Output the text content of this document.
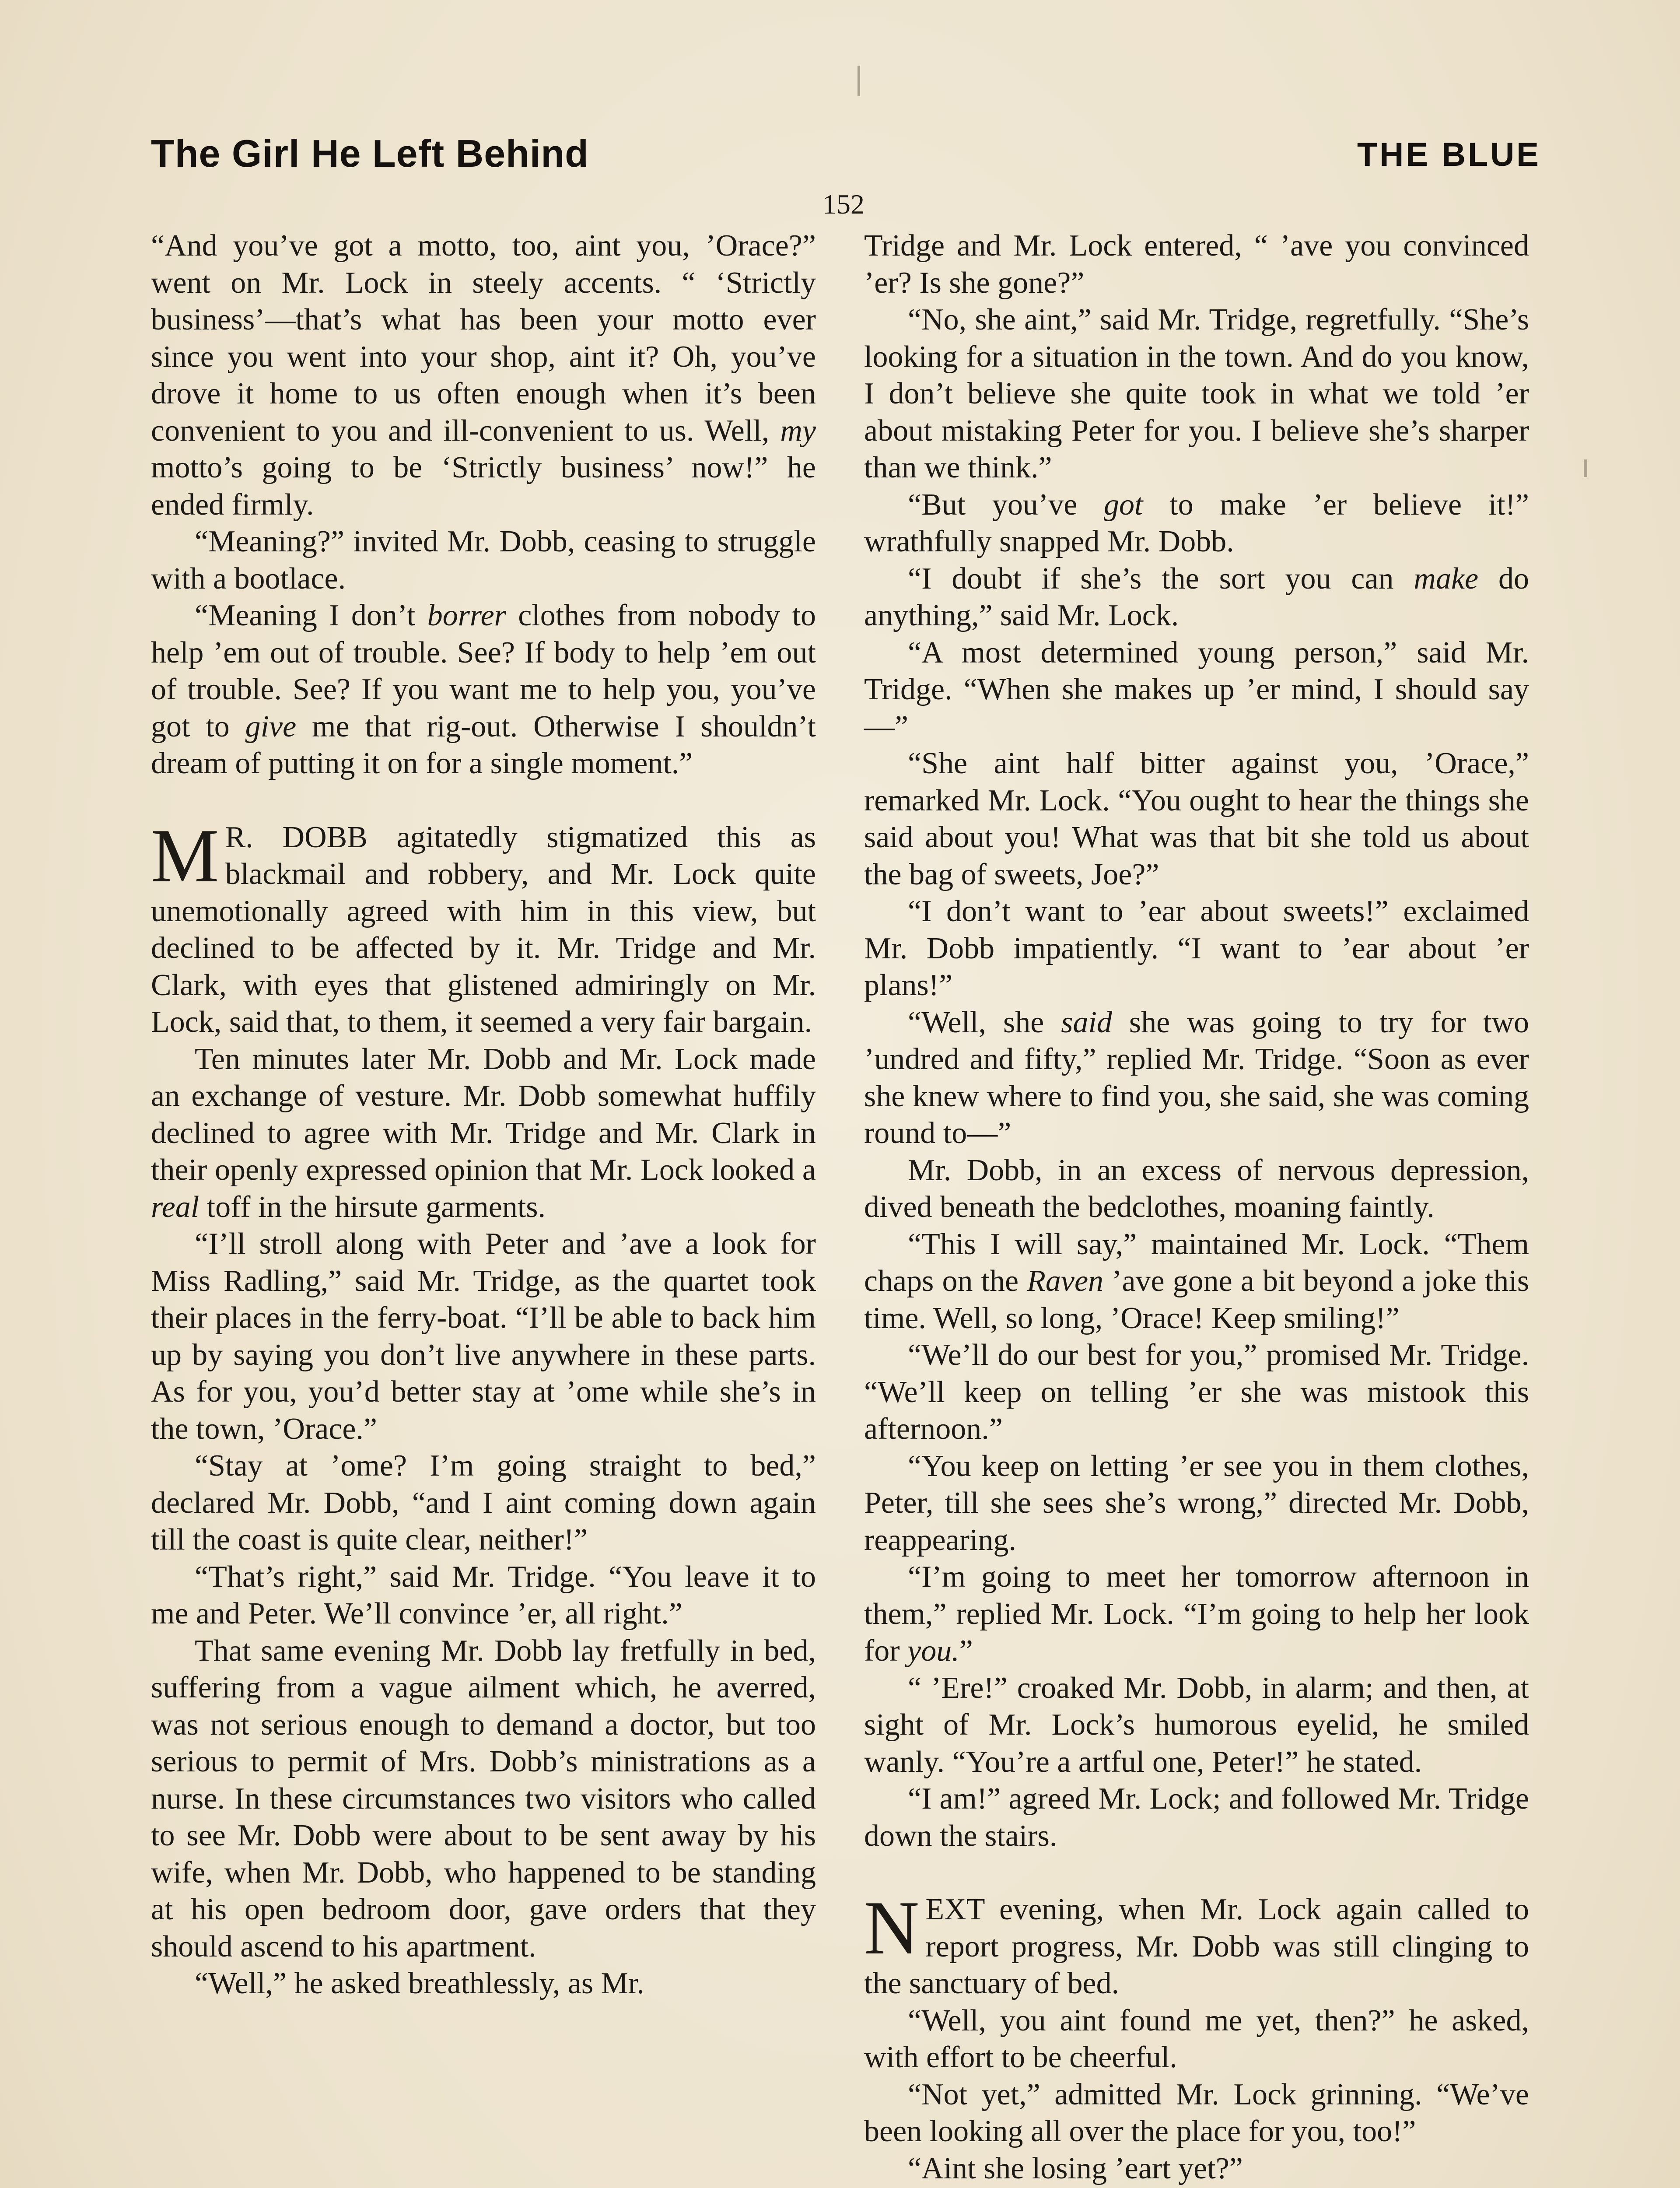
The Girl He Left Behind	THE BLUE
152

“And you’ve got a motto, too, aint you, ’Orace?” went on Mr. Lock in steely accents. “ ‘Strictly business’—that’s what has been your motto ever since you went into your shop, aint it? Oh, you’ve drove it home to us often enough when it’s been convenient to you and ill-convenient to us. Well, my motto’s going to be ‘Strictly business’ now!” he ended firmly.

“Meaning?” invited Mr. Dobb, ceasing to struggle with a bootlace.

“Meaning I don’t borrer clothes from nobody to help ’em out of trouble. See? If body to help ’em out of trouble. See? If you want me to help you, you’ve got to give me that rig-out. Otherwise I shouldn’t dream of putting it on for a single moment.”

M R. DOBB agitatedly stigmatized this as blackmail and robbery, and Mr. Lock quite unemotionally agreed with him in this view, but declined to be affected by it. Mr. Tridge and Mr. Clark, with eyes that glistened admiringly on Mr. Lock, said that, to them, it seemed a very fair bargain.

Ten minutes later Mr. Dobb and Mr. Lock made an exchange of vesture. Mr. Dobb somewhat huffily declined to agree with Mr. Tridge and Mr. Clark in their openly expressed opinion that Mr. Lock looked a real toff in the hirsute garments.

“I’ll stroll along with Peter and ’ave a look for Miss Radling,” said Mr. Tridge, as the quartet took their places in the ferry-boat. “I’ll be able to back him up by saying you don’t live anywhere in these parts. As for you, you’d better stay at ’ome while she’s in the town, ’Orace.”

“Stay at ’ome? I’m going straight to bed,” declared Mr. Dobb, “and I aint coming down again till the coast is quite clear, neither!”

“That’s right,” said Mr. Tridge. “You leave it to me and Peter. We’ll convince ’er, all right.”

That same evening Mr. Dobb lay fretfully in bed, suffering from a vague ailment which, he averred, was not serious enough to demand a doctor, but too serious to permit of Mrs. Dobb’s ministrations as a nurse. In these circumstances two visitors who called to see Mr. Dobb were about to be sent away by his wife, when Mr. Dobb, who happened to be standing at his open bedroom door, gave orders that they should ascend to his apartment.

“Well,” he asked breathlessly, as Mr.

Tridge and Mr. Lock entered, “ ’ave you convinced ’er? Is she gone?”

“No, she aint,” said Mr. Tridge, regretfully. “She’s looking for a situation in the town. And do you know, I don’t believe she quite took in what we told ’er about mistaking Peter for you. I believe she’s sharper than we think.”

“But you’ve got to make ’er believe it!” wrathfully snapped Mr. Dobb.

“I doubt if she’s the sort you can make do anything,” said Mr. Lock.

“A most determined young person,” said Mr. Tridge. “When she makes up ’er mind, I should say—”

“She aint half bitter against you, ’Orace,” remarked Mr. Lock. “You ought to hear the things she said about you! What was that bit she told us about the bag of sweets, Joe?”

“I don’t want to ’ear about sweets!” exclaimed Mr. Dobb impatiently. “I want to ’ear about ’er plans!”

“Well, she said she was going to try for two ’undred and fifty,” replied Mr. Tridge. “Soon as ever she knew where to find you, she said, she was coming round to—”

Mr. Dobb, in an excess of nervous depression, dived beneath the bedclothes, moaning faintly.

“This I will say,” maintained Mr. Lock. “Them chaps on the Raven ’ave gone a bit beyond a joke this time. Well, so long, ’Orace! Keep smiling!”

“We’ll do our best for you,” promised Mr. Tridge. “We’ll keep on telling ’er she was mistook this afternoon.”

“You keep on letting ’er see you in them clothes, Peter, till she sees she’s wrong,” directed Mr. Dobb, reappearing.

“I’m going to meet her tomorrow afternoon in them,” replied Mr. Lock. “I’m going to help her look for you.”

“ ’Ere!” croaked Mr. Dobb, in alarm; and then, at sight of Mr. Lock’s humorous eyelid, he smiled wanly. “You’re a artful one, Peter!” he stated.

“I am!” agreed Mr. Lock; and followed Mr. Tridge down the stairs.

NEXT evening, when Mr. Lock again called to report progress, Mr. Dobb was still clinging to the sanctuary of bed.

“Well, you aint found me yet, then?” he asked, with effort to be cheerful.

“Not yet,” admitted Mr. Lock grinning. “We’ve been looking all over the place for you, too!”

“Aint she losing ’eart yet?”
